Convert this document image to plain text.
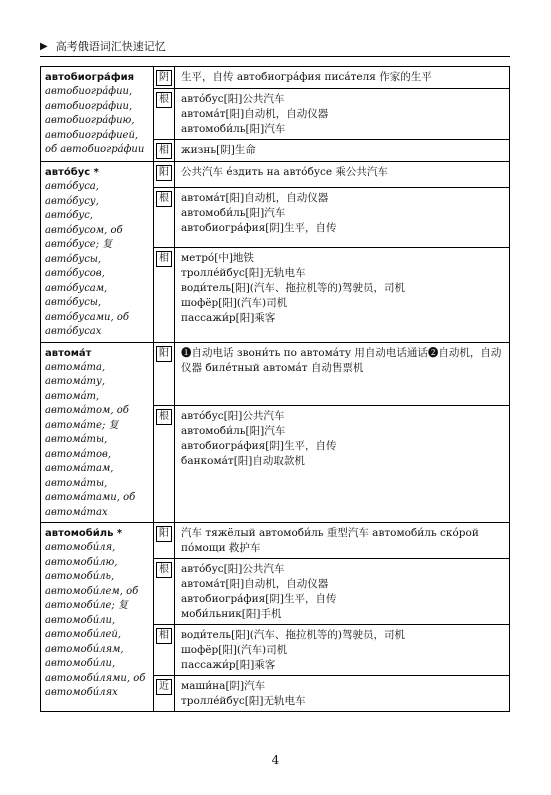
▶ 高考俄语词汇快速记忆
автобиогра́фия
автобиогра́фии, автобиогра́фии, автобиогра́фию, автобиогра́фией, об автобиогра́фии	阴	生平，自传 автобиогра́фия писа́теля 作家的生平

	根	авто́бус[阳]公共汽车
автома́т[阳]自动机，自动仪器
автомоби́ль[阳]汽车

	相	жизнь[阴]生命

авто́бус *
авто́буса, авто́бусу, авто́бус, авто́бусом, об авто́бусе; 复 авто́бусы, авто́бусов, авто́бусам, авто́бусы, авто́бусами, об авто́бусах	阳	公共汽车 е́здить на авто́бусе 乘公共汽车

	根	автома́т[阳]自动机，自动仪器
автомоби́ль[阳]汽车
автобиогра́фия[阴]生平，自传

	相	метро́[中]地铁
тролле́йбус[阳]无轨电车
води́тель[阳](汽车、拖拉机等的)驾驶员，司机
шофёр[阳](汽车)司机
пассажи́р[阳]乘客

автома́т
автома́та, автома́ту, автома́т, автома́том, об автома́те; 复 автома́ты, автома́тов, автома́там, автома́ты, автома́тами, об автома́тах	阳	❶自动电话 звони́ть по автома́ту 用自动电话通话❷自动机，自动仪器 биле́тный автома́т 自动售票机

	根	авто́бус[阳]公共汽车
автомоби́ль[阳]汽车
автобиогра́фия[阴]生平，自传
банкома́т[阳]自动取款机

автомоби́ль *
автомоби́ля, автомоби́лю, автомоби́ль, автомоби́лем, об автомоби́ле; 复 автомоби́ли, автомоби́лей, автомоби́лям, автомоби́ли, автомоби́лями, об автомоби́лях	阳	汽车 тяжёлый автомоби́ль 重型汽车 автомоби́ль ско́рой по́мощи 救护车

	根	авто́бус[阳]公共汽车
автома́т[阳]自动机，自动仪器
автобиогра́фия[阴]生平，自传
моби́льник[阳]手机

	相	води́тель[阳](汽车、拖拉机等的)驾驶员，司机
шофёр[阳](汽车)司机
пассажи́р[阳]乘客

	近	маши́на[阴]汽车
тролле́йбус[阳]无轨电车
4
